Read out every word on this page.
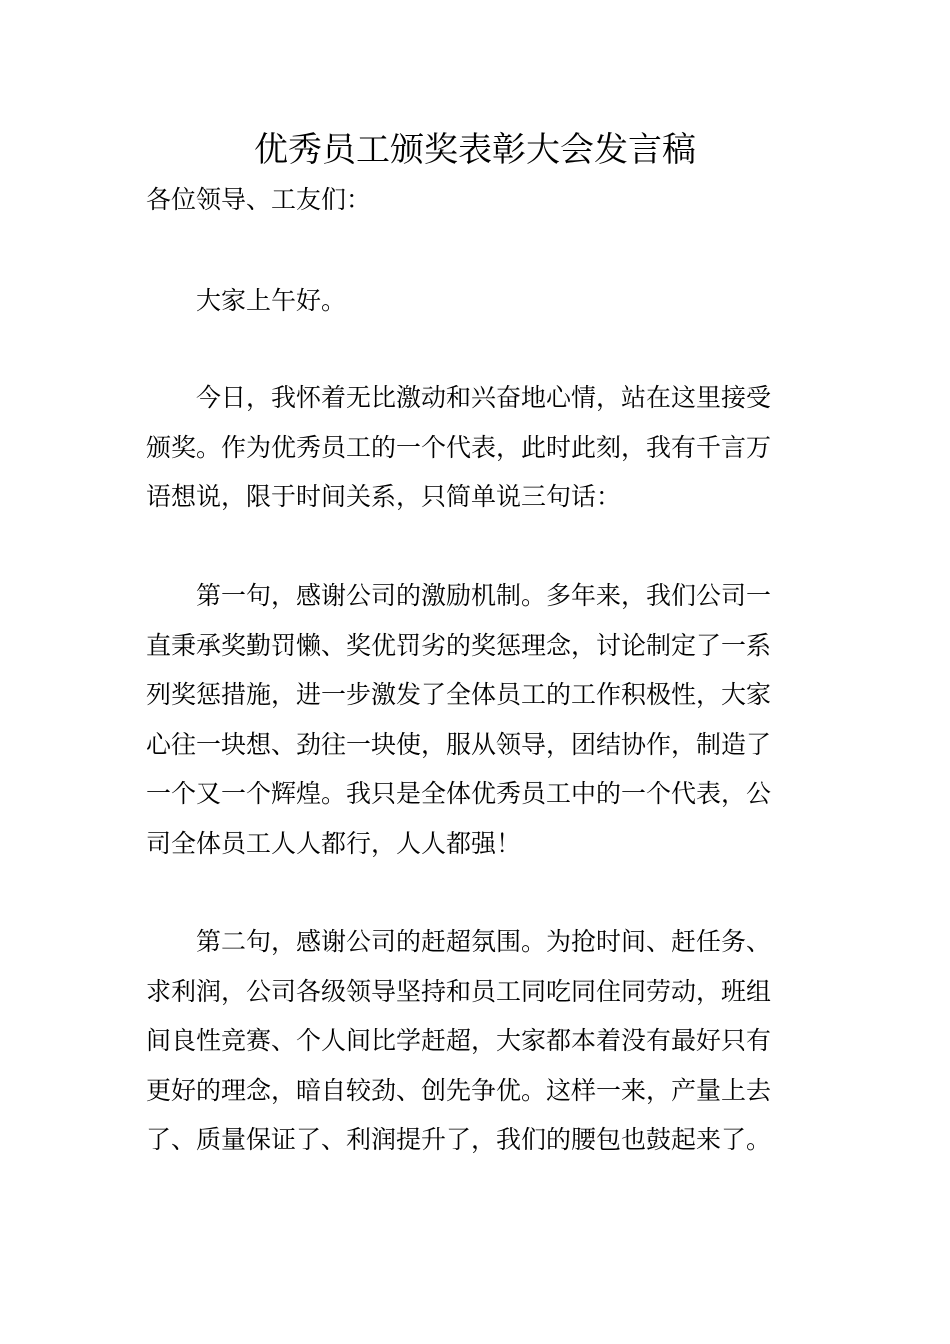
优秀员工颁奖表彰大会发言稿

各位领导、工友们：

大家上午好。

今日，我怀着无比激动和兴奋地心情，站在这里接受
颁奖。作为优秀员工的一个代表，此时此刻，我有千言万
语想说，限于时间关系，只简单说三句话：

第一句，感谢公司的激励机制。多年来，我们公司一
直秉承奖勤罚懒、奖优罚劣的奖惩理念，讨论制定了一系
列奖惩措施，进一步激发了全体员工的工作积极性，大家
心往一块想、劲往一块使，服从领导，团结协作，制造了
一个又一个辉煌。我只是全体优秀员工中的一个代表，公
司全体员工人人都行，人人都强！

第二句，感谢公司的赶超氛围。为抢时间、赶任务、
求利润，公司各级领导坚持和员工同吃同住同劳动，班组
间良性竞赛、个人间比学赶超，大家都本着没有最好只有
更好的理念，暗自较劲、创先争优。这样一来，产量上去
了、质量保证了、利润提升了，我们的腰包也鼓起来了。
